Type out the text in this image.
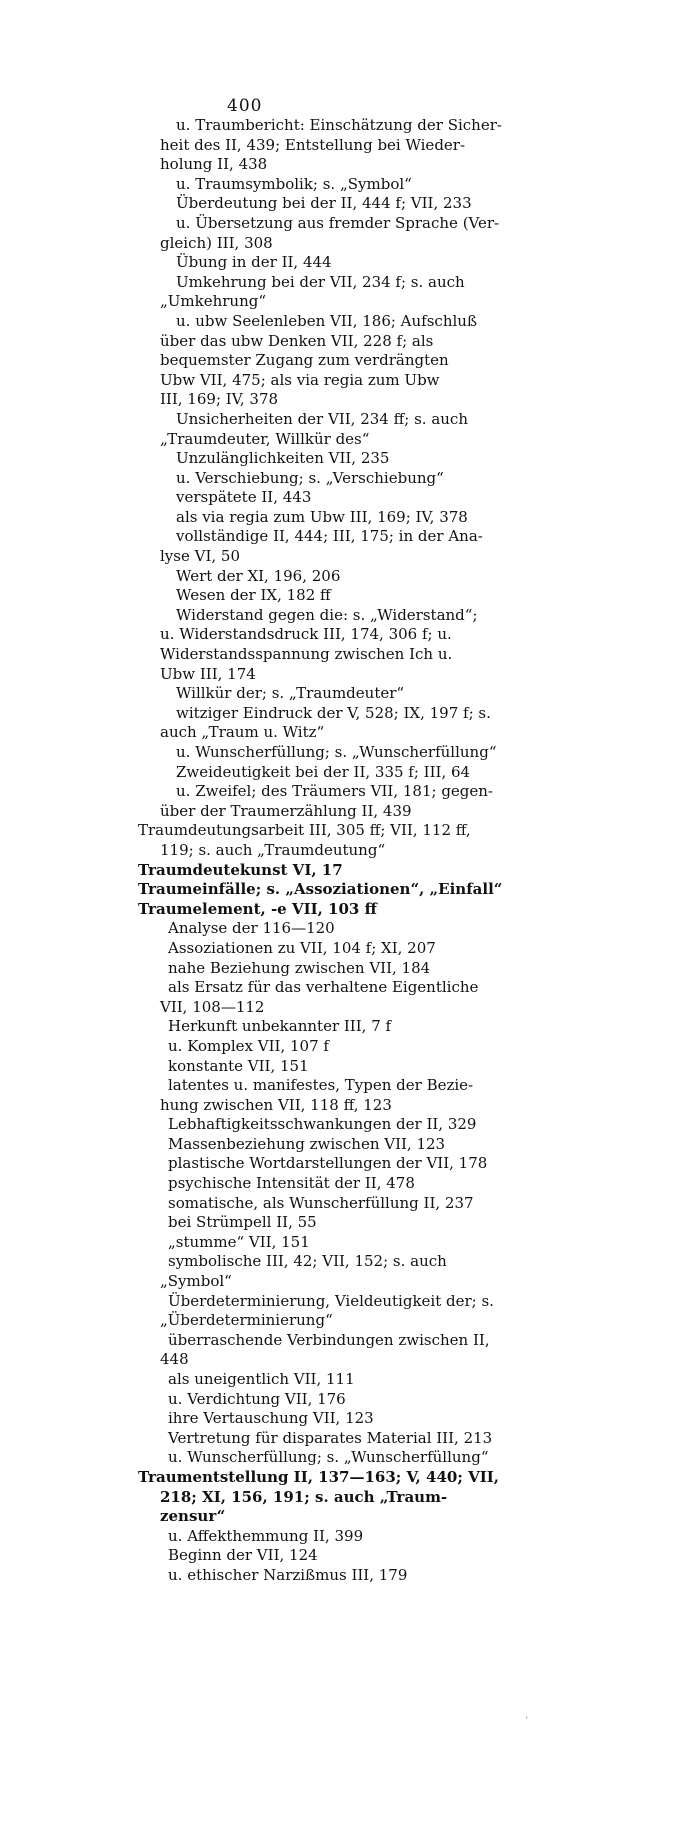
400
u. Traumbericht: Einschätzung der Sicher-
heit des II, 439; Entstellung bei Wieder-
holung II, 438
u. Traumsymbolik; s. „Symbol“
Überdeutung bei der II, 444 f; VII, 233
u. Übersetzung aus fremder Sprache (Ver-
gleich) III, 308
Übung in der II, 444
Umkehrung bei der VII, 234 f; s. auch
„Umkehrung“
u. ubw Seelenleben VII, 186; Aufschluß
über das ubw Denken VII, 228 f; als
bequemster Zugang zum verdrängten
Ubw VII, 475; als via regia zum Ubw
III, 169; IV, 378
Unsicherheiten der VII, 234 ff; s. auch
„Traumdeuter, Willkür des“
Unzulänglichkeiten VII, 235
u. Verschiebung; s. „Verschiebung“
verspätete II, 443
als via regia zum Ubw III, 169; IV, 378
vollständige II, 444; III, 175; in der Ana-
lyse VI, 50
Wert der XI, 196, 206
Wesen der IX, 182 ff
Widerstand gegen die: s. „Widerstand“;
u. Widerstandsdruck III, 174, 306 f; u.
Widerstandsspannung zwischen Ich u.
Ubw III, 174
Willkür der; s. „Traumdeuter“
witziger Eindruck der V, 528; IX, 197 f; s.
auch „Traum u. Witz“
u. Wunscherfüllung; s. „Wunscherfüllung“
Zweideutigkeit bei der II, 335 f; III, 64
u. Zweifel; des Träumers VII, 181; gegen-
über der Traumerzählung II, 439
Traumdeutungsarbeit III, 305 ff; VII, 112 ff,
119; s. auch „Traumdeutung“
Traumdeutekunst VI, 17
Traumeinfälle; s. „Assoziationen“, „Einfall“
Traumelement, -e VII, 103 ff
Analyse der 116—120
Assoziationen zu VII, 104 f; XI, 207
nahe Beziehung zwischen VII, 184
als Ersatz für das verhaltene Eigentliche
VII, 108—112
Herkunft unbekannter III, 7 f
u. Komplex VII, 107 f
konstante VII, 151
latentes u. manifestes, Typen der Bezie-
hung zwischen VII, 118 ff, 123
Lebhaftigkeitsschwankungen der II, 329
Massenbeziehung zwischen VII, 123
plastische Wortdarstellungen der VII, 178
psychische Intensität der II, 478
somatische, als Wunscherfüllung II, 237
bei Strümpell II, 55
„stumme“ VII, 151
symbolische III, 42; VII, 152; s. auch
„Symbol“
Überdeterminierung, Vieldeutigkeit der; s.
„Überdeterminierung“
überraschende Verbindungen zwischen II,
448
als uneigentlich VII, 111
u. Verdichtung VII, 176
ihre Vertauschung VII, 123
Vertretung für disparates Material III, 213
u. Wunscherfüllung; s. „Wunscherfüllung“
Traumentstellung II, 137—163; V, 440; VII,
218; XI, 156, 191; s. auch „Traum-
zensur“
u. Affekthemmung II, 399
Beginn der VII, 124
u. ethischer Narzißmus III, 179
·
